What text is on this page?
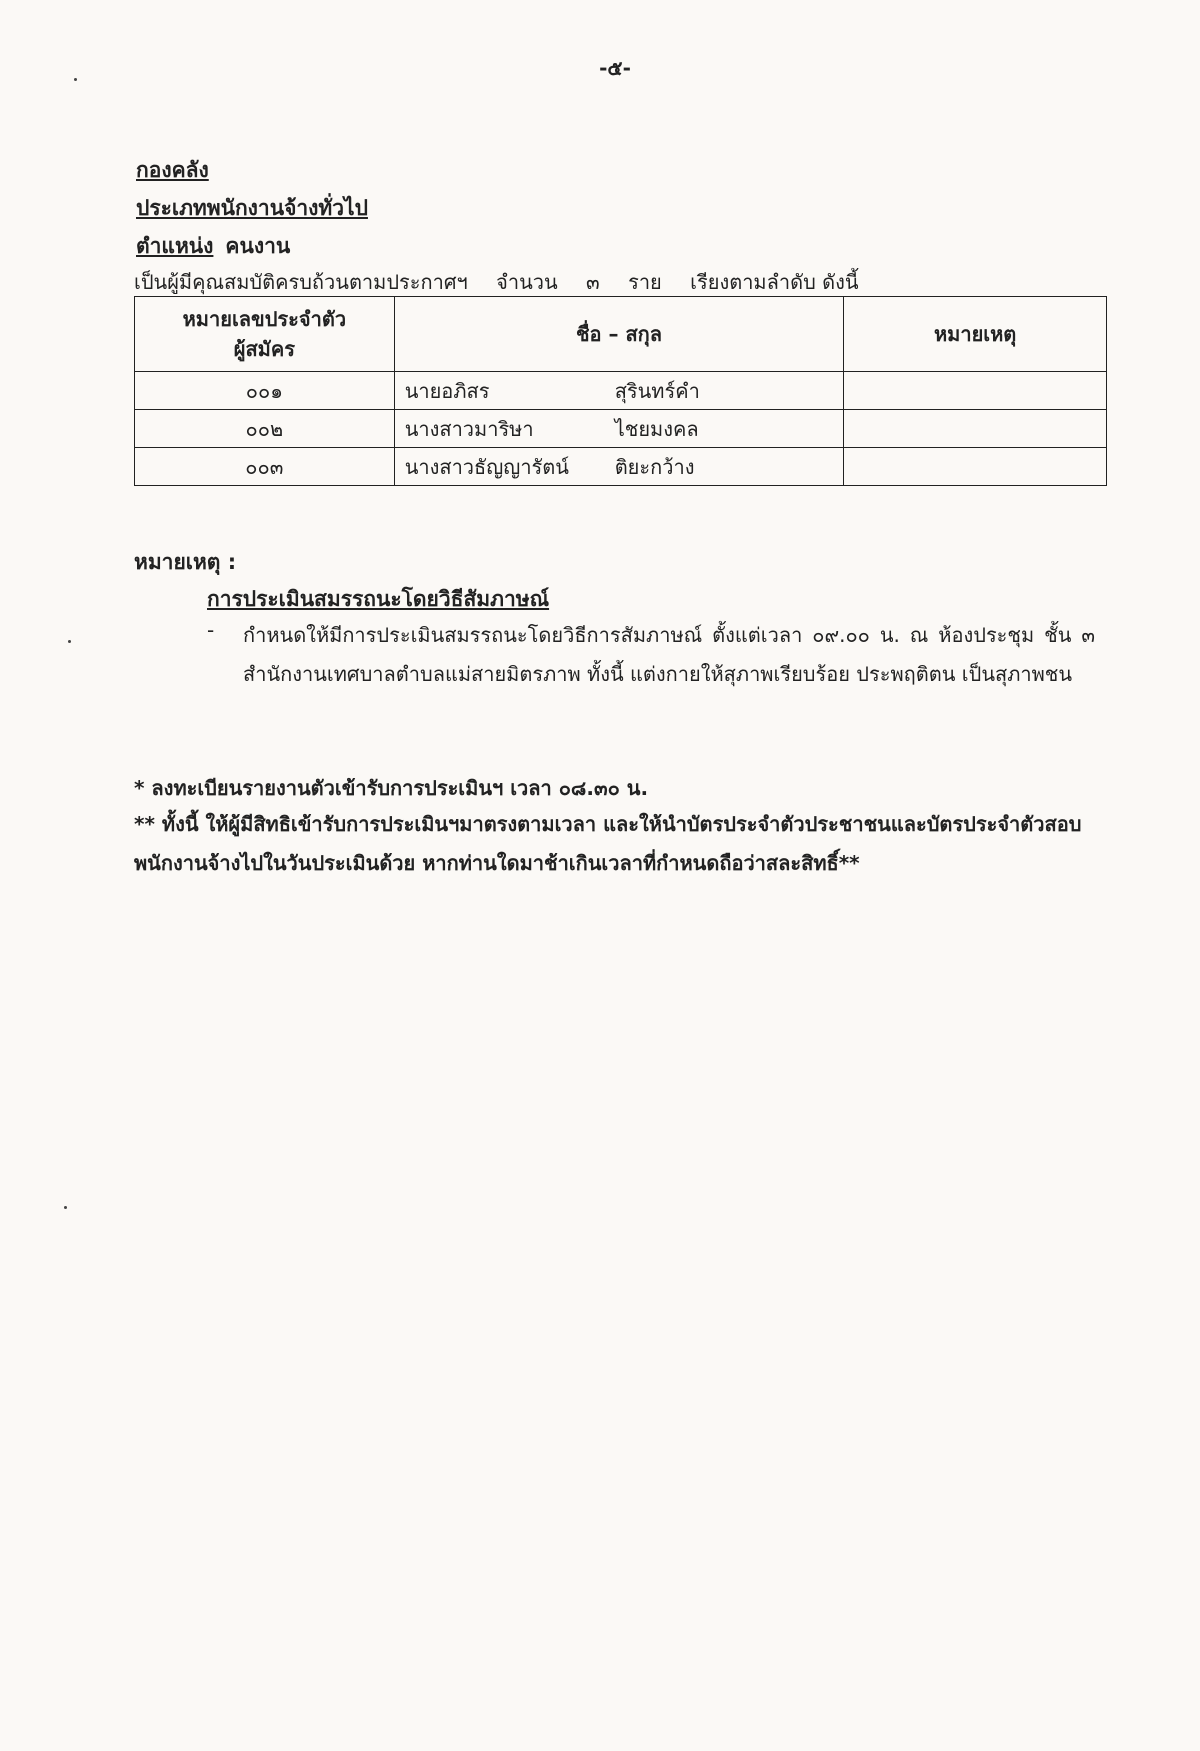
-๕-
กองคลัง
ประเภทพนักงานจ้างทั่วไป
ตำแหน่ง คนงาน
เป็นผู้มีคุณสมบัติครบถ้วนตามประกาศฯ จำนวน ๓ ราย เรียงตามลำดับ ดังนี้
หมายเลขประจำตัว
ผู้สมัคร	ชื่อ – สกุล	หมายเหตุ
๐๐๑	นายอภิสร สุรินทร์คำ	
๐๐๒	นางสาวมาริษา ไชยมงคล	
๐๐๓	นางสาวธัญญารัตน์ ติยะกว้าง	
หมายเหตุ :
การประเมินสมรรถนะโดยวิธีสัมภาษณ์
- กำหนดให้มีการประเมินสมรรถนะโดยวิธีการสัมภาษณ์ ตั้งแต่เวลา ๐๙.๐๐ น. ณ ห้องประชุม ชั้น ๓ สำนักงานเทศบาลตำบลแม่สายมิตรภาพ ทั้งนี้ แต่งกายให้สุภาพเรียบร้อย ประพฤติตน เป็นสุภาพชน
* ลงทะเบียนรายงานตัวเข้ารับการประเมินฯ เวลา ๐๘.๓๐ น.
** ทั้งนี้ ให้ผู้มีสิทธิเข้ารับการประเมินฯมาตรงตามเวลา และให้นำบัตรประจำตัวประชาชนและบัตรประจำตัวสอบพนักงานจ้างไปในวันประเมินด้วย หากท่านใดมาช้าเกินเวลาที่กำหนดถือว่าสละสิทธิ์**
